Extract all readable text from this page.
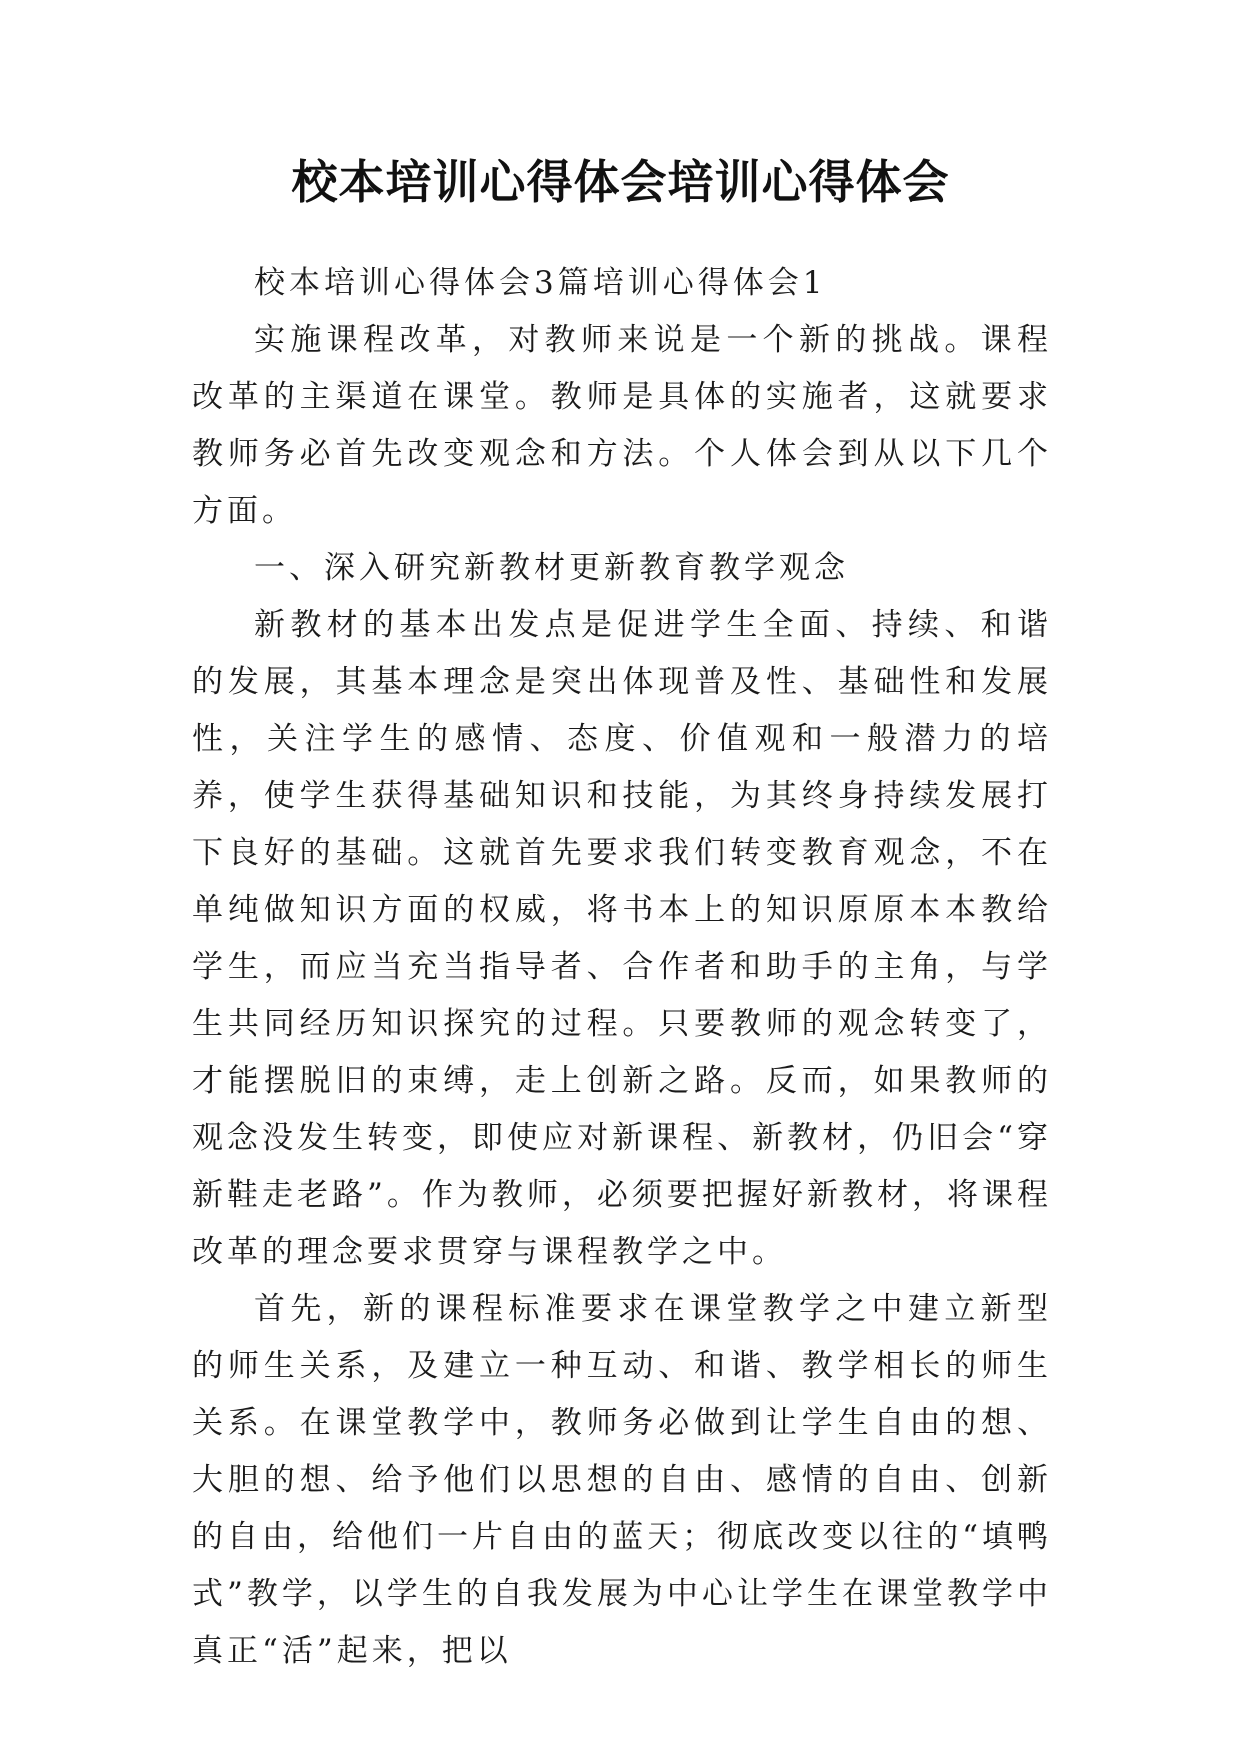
校本培训心得体会培训心得体会

校本培训心得体会3篇培训心得体会1

实施课程改革，对教师来说是一个新的挑战。课程改革的主渠道在课堂。教师是具体的实施者，这就要求教师务必首先改变观念和方法。个人体会到从以下几个方面。

一、深入研究新教材更新教育教学观念

新教材的基本出发点是促进学生全面、持续、和谐的发展，其基本理念是突出体现普及性、基础性和发展性，关注学生的感情、态度、价值观和一般潜力的培养，使学生获得基础知识和技能，为其终身持续发展打下良好的基础。这就首先要求我们转变教育观念，不在单纯做知识方面的权威，将书本上的知识原原本本教给学生，而应当充当指导者、合作者和助手的主角，与学生共同经历知识探究的过程。只要教师的观念转变了，才能摆脱旧的束缚，走上创新之路。反而，如果教师的观念没发生转变，即使应对新课程、新教材，仍旧会“穿新鞋走老路”。作为教师，必须要把握好新教材，将课程改革的理念要求贯穿与课程教学之中。

首先，新的课程标准要求在课堂教学之中建立新型的师生关系，及建立一种互动、和谐、教学相长的师生关系。在课堂教学中，教师务必做到让学生自由的想、大胆的想、给予他们以思想的自由、感情的自由、创新的自由，给他们一片自由的蓝天；彻底改变以往的“填鸭式”教学，以学生的自我发展为中心让学生在课堂教学中真正“活”起来，把以
